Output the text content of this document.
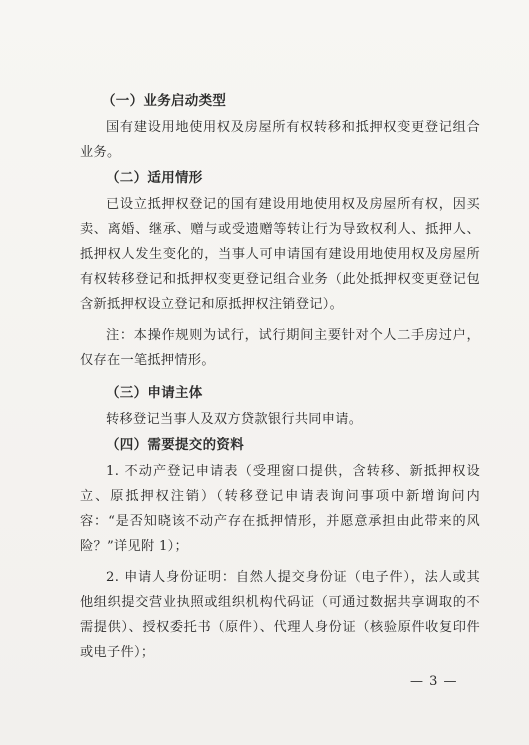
（一）业务启动类型

国有建设用地使用权及房屋所有权转移和抵押权变更登记组合业务。

（二）适用情形

已设立抵押权登记的国有建设用地使用权及房屋所有权，因买卖、离婚、继承、赠与或受遗赠等转让行为导致权利人、抵押人、抵押权人发生变化的，当事人可申请国有建设用地使用权及房屋所有权转移登记和抵押权变更登记组合业务（此处抵押权变更登记包含新抵押权设立登记和原抵押权注销登记）。

注：本操作规则为试行，试行期间主要针对个人二手房过户，仅存在一笔抵押情形。

（三）申请主体

转移登记当事人及双方贷款银行共同申请。

（四）需要提交的资料

1. 不动产登记申请表（受理窗口提供，含转移、新抵押权设立、原抵押权注销）（转移登记申请表询问事项中新增询问内容：“是否知晓该不动产存在抵押情形，并愿意承担由此带来的风险？”详见附 1）；

2. 申请人身份证明：自然人提交身份证（电子件），法人或其他组织提交营业执照或组织机构代码证（可通过数据共享调取的不需提供）、授权委托书（原件）、代理人身份证（核验原件收复印件或电子件）；

— 3 —
